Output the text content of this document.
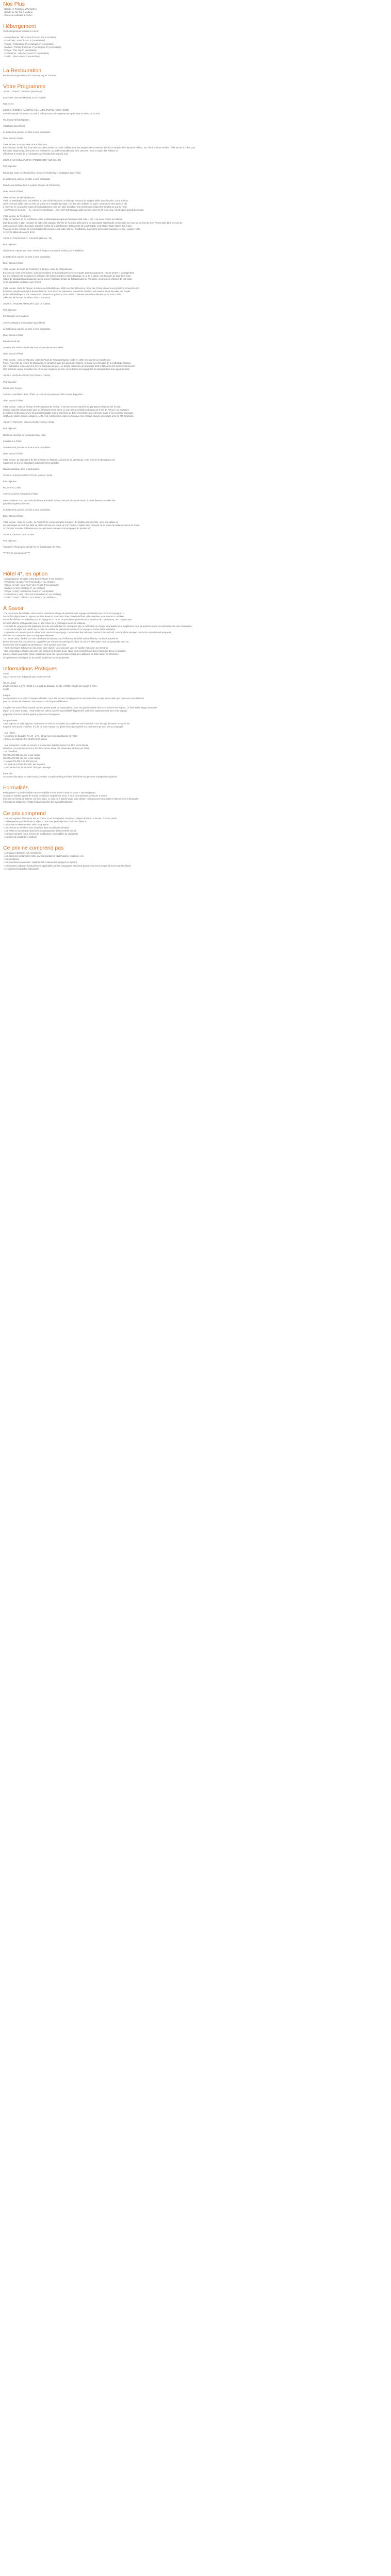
Nos Plus
- Balade en Rickshaw à Pondichéry
- Balade au Tuk Tuk à Madurai
- Danse de Kathakali à Cochin
Hébergement
Vos hébergements pendant le circuit:
- Mahabalipuram : MGM Beach Resort 4* (ou similaire)
- Pondichéry : Anandha Inn 3* (ou similaire)
- Tanjore : Parisutham 3* ou Sangam 4* (ou similaire)
- Madurai : Fortune Pandiyan 4* ou Sangam 4* (ou similaire)
- Periyar : Tree Top 3* (ou similaire)
- Kumarakom : Lakesong resort 3* (ou similaire)
- Cochin : Abad Atrium 3* (ou similaire)
La Restauration
Pension Demi-pension sauf à Chennai au jour d'arrivée
Votre Programme
JOUR 1 : PARIS / CHENNAI (MADRAS)
Envol vers Chennai (Madras) sur vol régulier.
Nuit en vol.
JOUR 2 : CHENNAI (MADRAS) / MAHABALIPURAM (60 km / 1h30)
Arrivée matinale à Chennai. Accueil à l'aéroport par notre représentant puis route en direction du sud.
Route pour Mahabalipuram.
Installation dans l'hôtel.
Le reste de la journée est libre à votre disposition.
Dîner et nuit à l'hôtel.
Visite incluse: En route visite de Kanchipuram.
Kanchipuram, la ville d'or, l'une des sept villes saintes de l'Inde, célèbre pour ses temples et ses soieries. Elle fut la capitale de la dynastie Pallava, aux 7ème et 8ème siècles. . Ville sacrée à la fois pour
les cultes religieux qui, dès avant l'ère chrétienne, accueillit le Bouddhisme et le Jaïnisme. Sous le règne des Pallava, la
ville devint le centre de la renaissance de l'Hindouisme dans le Sud.
JOUR 3 : MAHABALIPURAM / PONDICHERY (140 km / 3h)
Petit déjeuner.
Départ par route vers Pondichéry. Arrivée à Pondichéry et installation dans l'hôtel.
Le reste de la journée est libre à votre disposition.
Balade au rickshaw dans le quartier français de Pondichéry.
Dîner et nuit à l'hôtel.
Visite incluse: de Mahabalipuram
Visite de Mahabalipuram: Les Pallava au VIIe siècle laissèrent un héritage étonnant de temples taillés dans la roche. Les 5 Rathas,
chefs-d'oeuvre taillés dans un bloc de granit, et le Temple du rivage, l'un des plus célèbres du pays, construit au VIIIe siècle. Il est
à nouveau en vie dans la région de Mahabalipuram pour son style dravidien. Son architecture inspira les temples du sud de l'Inde.
- La Pénitence d'Arjuna — ou « Descente du Gange », bas-relief mythologique taillé sur une roche de 27 m de long, l'un des plus grands du monde.
Visite incluse: de Pondichéry
Visite de l'ashram de Sri Aurobindo, poète et philosophe bengali qui fonda en 1926 cette « cité » où vivent encore ses fidèles,
puis d'Auroville, le plan circulaire de cette ville utopique, élu ville de l'Unesco. Découverte du Sanctuaire Matrimandir, promenade sur l'avenue du front de mer. Promenade dans les rues de
cette ancienne colonie française, dans les ruelles de la ville blanche. Découverte de la cathédrale et de l'église Notre-Dame des Anges.
Français et des vestiges de la colonisation tels qu'une seule autre ville fut : Pondichéry, la dernière possession française en Inde, jusqu'en 1954.
14-18 : la statue de Jeanne d'Arc.
JOUR 4 : PONDICHERY / TANJORE (180 km / 5h)
Petit déjeuner.
Départ Pour Tanjore par route. Arrivée à Tanjore et transfert à hôtel pour l'installation.
Le reste de la journée est libre à votre disposition.
Dîner et nuit à l'hôtel.
Visite incluse: En route de Pondichéry à Tanjore, visite de Chidambaram.
En cours de route vers Tanjore, visite du complexe de Chidambaram avec ses quatre grandes gopurams (« tours-portes ») qui rappellent
par leur élégance les sculptures et peintures des temples dédiés à Shiva Nataraja, le roi de la danse. Continuation au long de la route
village de Gangaikondacholapuram qui se trouve l'imposant temple de Brihadishvara du XIe siècle, un des chefs-d'œuvre de l'art chola.
et les splendides sculptures qui l'ornent.
Visite incluse: Visite de Tanjore: le temple de Brihadishvara, édifié vers l'an Mil sous le règne des Chola, et dont les proportions et la perfection.
font de ce temple un des plus beaux de l'Inde. Il est inscrit au patrimoine mondial de l'Unesco. Découverte aussi du palais des Nayak
et de sa bibliothèque et son musée d'art. Visite de la galerie et d'un musée contenant une riche collection de bronzes Chola.
collection de bronzes de Shiva, Vishnu et Parvati.
JOUR 5 : TANJORE / MADURAI (110 km / 3H00)
Petit déjeuner.
Continuation vers Madurai.
Arrivée à Madurai et installation dans l'hôtel.
Le reste de la journée est libre à votre disposition.
Dîner et nuit à l'hôtel.
Balade en tuk tuk.
Assistez à la cérémonie de Vlarti soir au Temple de Meenakshi.
Dîner et nuit à l'hôtel.
Visite incluse : visite de Madurai: visite du Palais de Tirumalai Nayak, fondé en 1636. Découverte du marché aux
fleurs. Puis visite du temple de Meenakshi, le complexe avec ses gopurams colorés, véritable livre d'images de la mythologie hindoue.
sur l'Hindouisme et découvrez la ferveur religieuse du pays. Le temple est un lieu de pèlerinage actif et fait partie des monuments ouverts.
Une occasion unique d'assister à la cérémonie religieuse du soir, où les fidèles accompagnent les divinités dans leurs appartements.
JOUR 6 : MADURAI / PERIYAR (150 KM / 4H00)
Petit déjeuner.
Départ vers Periyar.
Arrivée et installation dans l'hôtel. Le reste de la journée est libre à votre disposition.
Dîner et nuit à l'hôtel.
Visite incluse : visite de Periyar: le Parc National de Periyar. C'est une réserve naturelle de plantations d'épices, thé et café,
réserve naturelle et sanctuaire pour les éléphants et les tigres. Le parc est accessible en bateau sur le lac de Periyar. Les paysages
de collines verdoyantes d'une beauté remarquable sont la promesse de belles rencontres avec la faune locale et ses animaux sauvages,
éléphants, bisons, singes, sangliers, cerfs et de nombreuses espèces d'oiseaux. Une réserve classée qui compte près de 700 éléphants.
JOUR 7 : PERIYAR / KUMARAKOM (135 KM / 3H00)
Petit déjeuner.
Départ en direction de Kumarakom par route.
Installation à l'hôtel.
Le reste de la journée est libre à votre disposition.
Dîner et nuit à l'hôtel.
Visite incluse: de plantations de thé, d'herbes et d'épices. Au bord du lac Vembanad, cette réserve ornithologique est
également un lieu de villégiature particulièrement agréable.
Balade au bateau dans le backwaters.
JOUR 8 : KUMARAKOM / COCHIN (60 KM / 1H30)
Petit déjeuner.
Route vers Cochin.
Arrivée à Cochin et transfert à l'hôtel.
Vous assisterez à un spectacle de danses Kathakali, drame costumé, chanté et dansé, dont les thèmes sont tirés des
grandes épopées indiennes.
Le reste de la journée est libre à votre disposition.
Dîner et nuit à l'hôtel.
Visite incluse : visite de la ville : de Fort Cochin, ancien comptoir européen de tradition commerciale, avec ses églises et
ses carrelages de Delft, les filets de pêche chinois à la pointe de Fort Cochin. L'église Saint François où se trouve la tombe de Vasco de Gama.
St François, le palais hollandais avec ses peintures murales et la synagogue du quartier juif.
JOUR 9 : DEPART DE COCHIN
Petit déjeuner.
Transfert à l'heure pour prendre le vol à destination de Paris.
*****Fin de nos services*****
Hôtel 4*, en option
- Mahabalipuram (2 nuits) : Ideal Beach Resort 4* (ou similaire)
- Pondichéry (1 nuit) : The Promenade 4* (ou similaire)
- Tanjore (1 nuit) : Ideal River View Resort 4* (ou similaire)
- Madurai (1 nuit) : Heritage 4* (ou similaire)
- Periyar (1 nuit) : Cardamom County 4* (ou similaire)
- Kumarakom (1 nuit) : The Zuri Kumarakom 4* (ou similaire)
- Cochin (1 nuit) : Trident 4* ou Casino 4* (ou similaire)
À Savoir
- Ce circuit peut être réalisé, notre service clientèle se charge de planifier votre voyage en individuel sur circuit accompagné ou
Les tarifs indiqués sont en vigueur pour les dates de réservation hors période de fêtes et le calendrier reste soumis à condition.
Les tarifs affichés sont valables pour un voyage et un cahier de prestations particulier d'un minimum de 2 personnes, de 12 ans et plus.
les tarifs affichés sont garantis pour un aller-retour de la compagnie aérienne indiquée.
- Les tarifs de voyage ont été appliqués. Si votre vol ou la date ne correspond pas, la tarification du voyage sera ajustée et le supplément vous sera précisé avant la confirmation de votre réservation.
- Le circuit du séjour est calculé sur la base du nombre de personnes inscrites à ce voyage et sur les dates indiquées.
- Le premier et le dernier jour du séjour sont consacrés au voyage. Les horaires des vols sont donnés à titre indicatif. Les transferts aéroport sont inclus selon les vols proposés.
effectuer en conjonction avec la compagnie aérienne.
- En haute saison, la direction des conditions climatiques, ou à l'affluence de l'hôtel est insuffisante, certaines activités et
peuvent ne pas être proposées ou suggérées par manque de participants, dans ce cas une alternative vous sera proposée avec au
minimum la même qualité de prestation et sans surcoût pour vous.
- Il est nécessaire d'obtenir un visa avant votre départ. Nous pouvons vous en faciliter l'obtention sur demande.
- Des températures élevées peuvent être observées de mars à juin. Nous vous conseillons de boire beaucoup d'eau en bouteille.
pas nécessaire pour notre circuit, notamment pour des raisons météorologiques, politiques, de trafic routier ou d'horaires.
des prestations identiques ou de qualité supérieure seront proposées.
Informations Pratiques
Santé
Aucun vaccin n'est obligatoire pour entrer en Inde.
Heure Locale
L'Inde se trouve à UTC +5h30. Il y a 4h30 de décalage en été et 3h30 en hiver par rapport à Paris.
en été.
Langue
La constitution reconnaît 22 langues officielles. Il est très souvent compliqué de se retrouver dans un pays aussi vaste que l'Inde avec ses dialectes.
pour un nombre de dialectes, soit plus de 4 000 langues différentes.
L'anglais est aussi officiel et parlé par une grande partie de la population, avec une grande variété des accents selon les régions. Le hindi est la langue principale,
région ou la caste sociale. L'Inde reste une culture qui offre la possibilité d'apprendre facilement quelques mots pour votre voyage.
proposés à l'accueil par les guides qui nous accompagnent.
Les pourboires
C'est toujours un sujet épineux, notamment en Inde où les règles de pourboires sont implicites. Il est d'usage de laisser un pourboire
au guide ainsi qu'au chauffeur, à la fin de votre voyage. Ce geste fait toujours plaisir aux personnes qui vous ont accompagné.
- Aux Hôtels :
• Le porteur de bagages Rs. 20 - à Rs. 50 par sac selon la catégorie de l'hôtel
• Service en chambre 5% et 10% de la facture
- Aux restaurants : en fin de service et si vous êtes satisfait, laisser 5 à 10% sur la facture.
la facture. Un pourboire de 5% à 8% de la facture totale des dimanches et des jours fériés.
- Un Chauffeur
Rs 200 à Rs 350 par jour et par voiture
Rs 300 à Rs 500 par jour et par voiture
- Le guide Rs 300 à Rs 500 par jour
- Un Mahout (cornac) Rs 100/- par éléphant
- Le Charmeur de serpents Rs 100/- par passager
Électricité
Le courant électrique en Inde est de 220 volts. Les prises de type indien, les fiches européennes s'adaptent en général.
Formalités
Passeport en cours de validité et encore valable 6 mois après la date de retour + visa obligatoire.
Le visa est valable à partir de la date d'émission. Depuis l'été 2013, il vous sera demandé de fournir 2 photos
d'identité au format de 5x5mm, sur fond blanc. Le visa est à obtenir avant votre départ. Nous pouvons vous aider à l'obtenir avec la démarche.
Informations obligatoires : https://indianvisaonline.gov.in/visa/Registration
Ce prix comprend
- Les vols réguliers aller-retour sur Air France ou Air India (taxes comprises), départ de Paris - Chennai / Cochin - Paris.
- L'hébergement pour la durée du séjour 7 nuits avec petit-déjeuner / Tarifs en hôtels 3*.
- La formule en demi-pension selon programme.
- Les services et transferts avec chauffeur dans un véhicule climatisé.
- Les visites et excursions mentionnées au programme (frais d'entrée inclus).
- Les taxes aéroport (sous réserve de modification, susceptibles de variations).
- Les taxes de solidarité et carbone.
Ce prix ne comprend pas
- Les repas et boissons non mentionnés.
- Les dépenses personnelles telles que les pourboires, blanchisserie, téléphone, etc.
- Les pourboires.
- Les assurances annulation / rapatriement et assurance bagages (en option).
- Les hausses carburant éventuellement applicables par les compagnies aériennes pouvant intervenir jusqu'à 30 jours avant le départ.
- Le supplément chambre individuelle.
